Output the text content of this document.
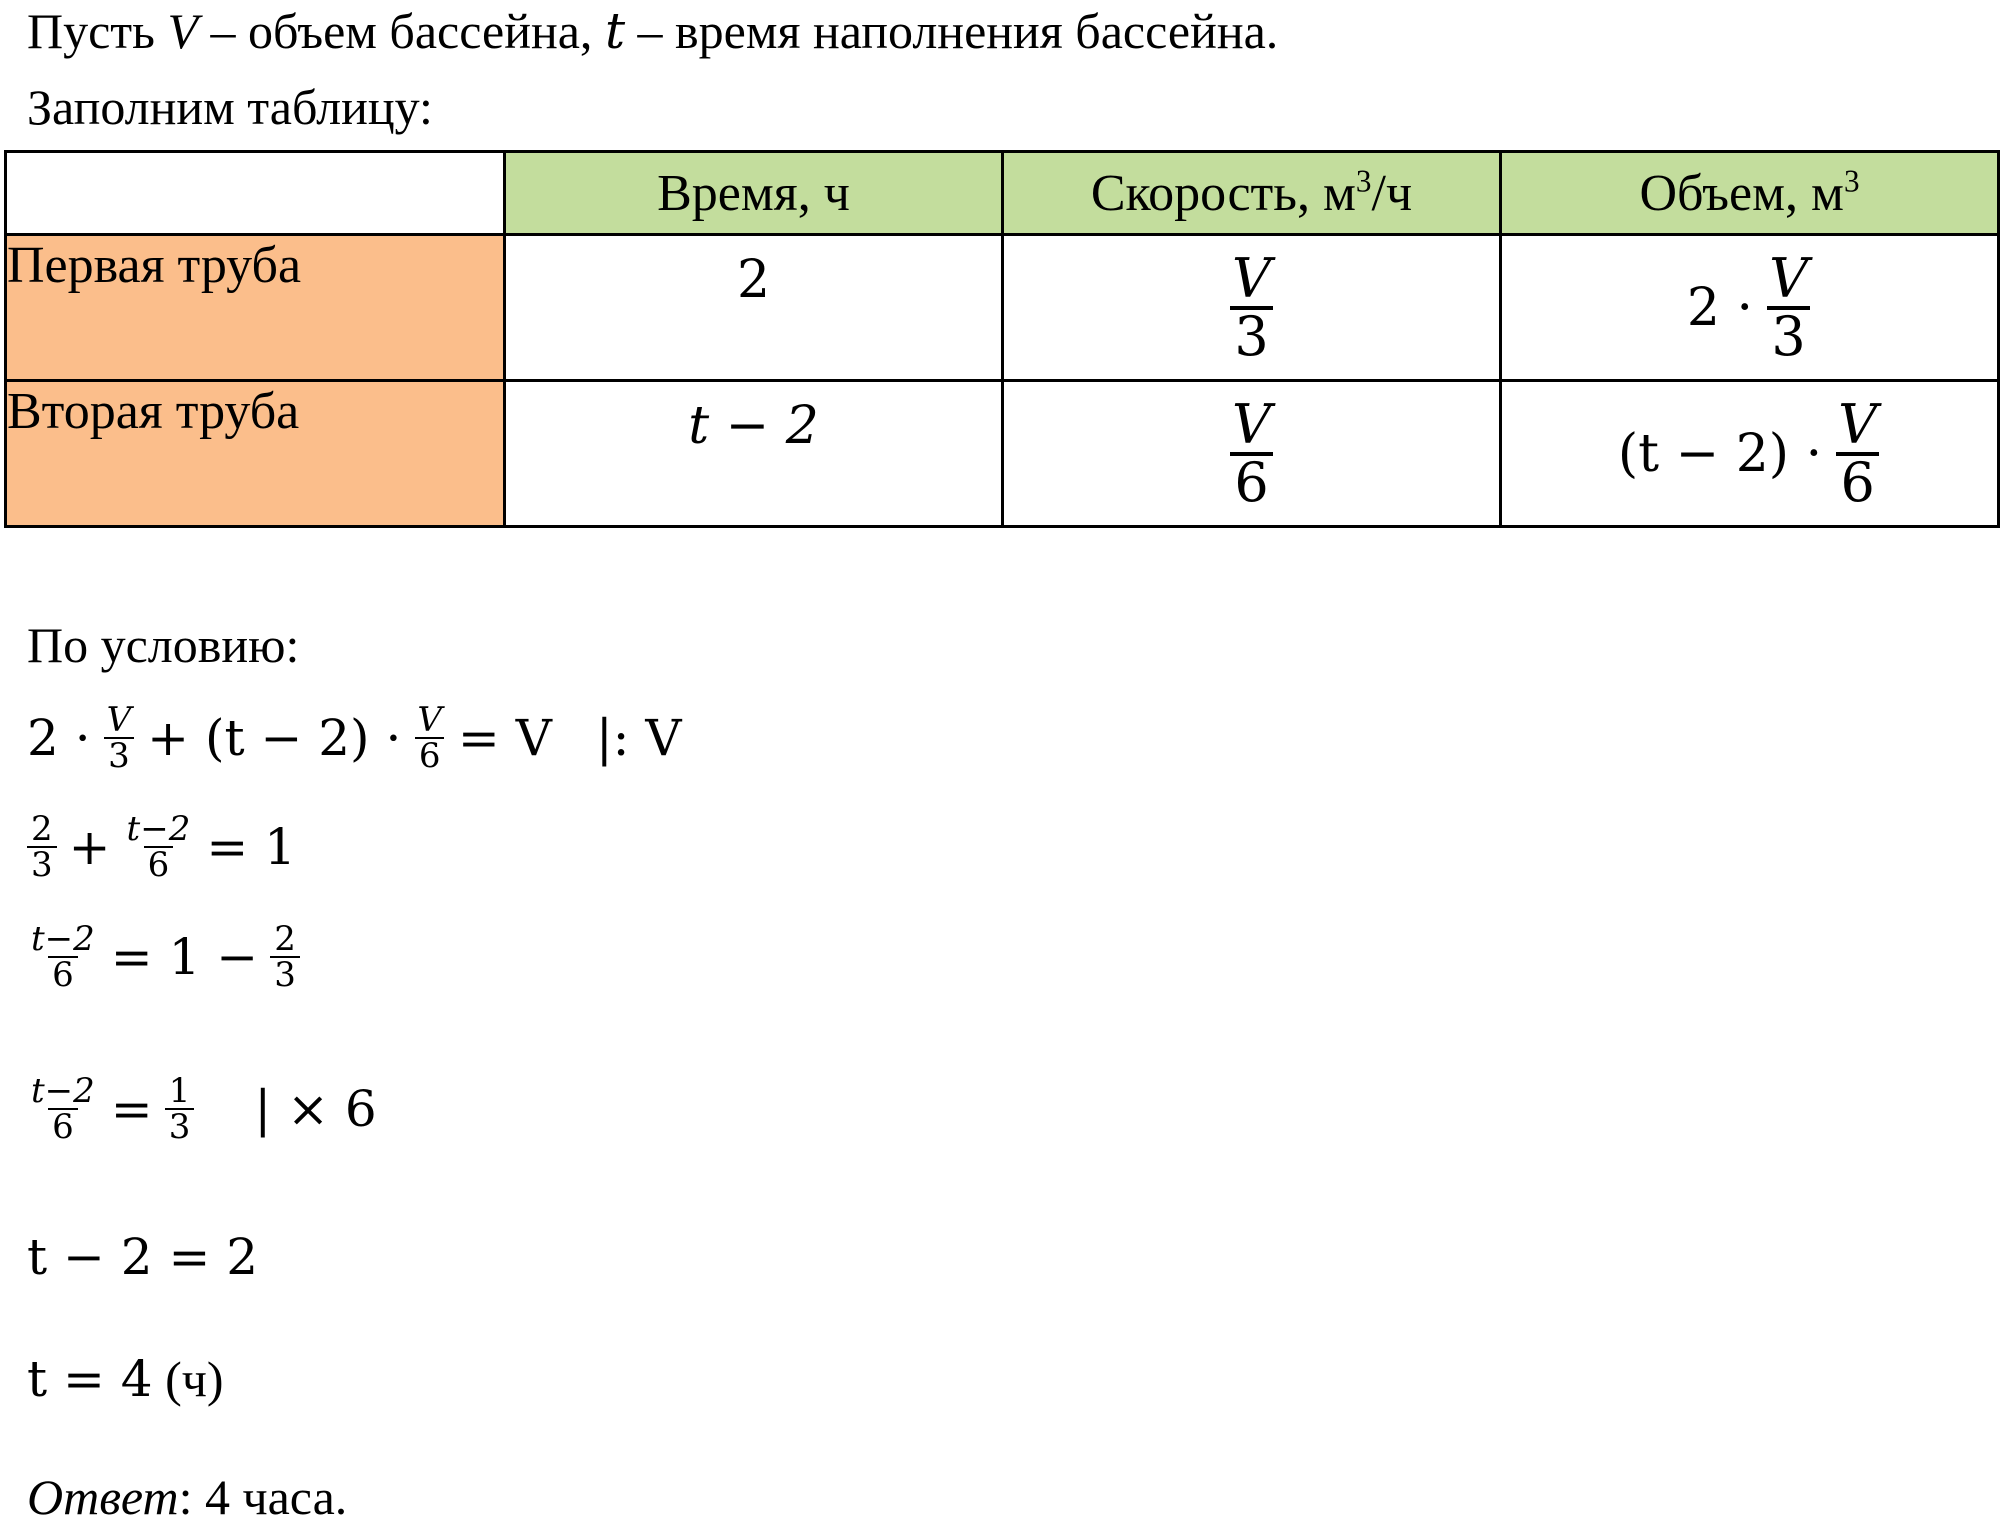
Пусть V – объем бассейна, t – время наполнения бассейна.
Заполним таблицу:
	Время, ч	Скорость, $м^3/ч$	Объем, $м^3$
Первая труба	2	$\frac{V}{3}$	$2 \cdot \frac{V}{3}$

Вторая труба	t − 2	$\frac{V}{6}$	$(t - 2) \cdot \frac{V}{6}$
По условию:
$2 \cdot \frac{V}{3} + (t - 2) \cdot \frac{V}{6} = V$ |: V
$\frac{2}{3} + \frac{t-2}{6} = 1$
$\frac{t-2}{6} = 1 - \frac{2}{3}$
$\frac{t-2}{6} = \frac{1}{3}$ | × 6
t − 2 = 2
t = 4 (ч)
Ответ: 4 часа.
